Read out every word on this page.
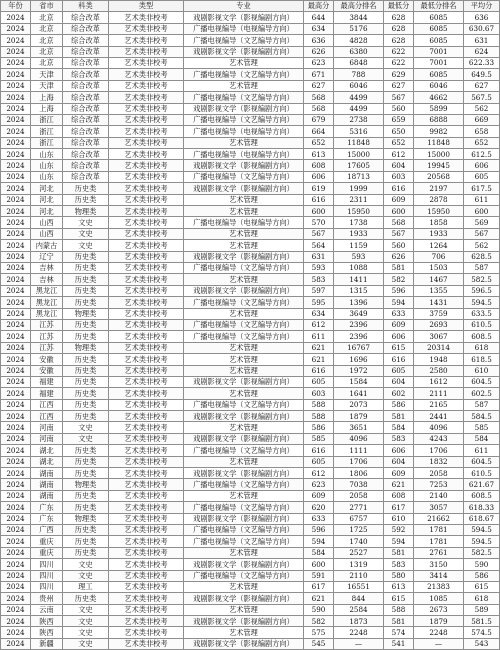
年份	省市	科类	类型	专业	最高分	最高分排名	最低分	最低分排名	平均分
2024	北京	综合改革	艺术类非校考	戏剧影视文学（影视编剧方向）	644	3844	628	6085	636
2024	北京	综合改革	艺术类非校考	广播电视编导（电视编导方向）	634	5176	628	6085	630.67
2024	北京	综合改革	艺术类非校考	广播电视编导（文艺编导方向）	636	4828	628	6085	631
2024	北京	综合改革	艺术类非校考	戏剧影视文学（影视编剧方向）	626	6380	622	7001	624
2024	北京	综合改革	艺术类非校考	艺术管理	623	6848	622	7001	622.33
2024	天津	综合改革	艺术类非校考	广播电视编导（文艺编导方向）	671	788	629	6085	649.5
2024	天津	综合改革	艺术类非校考	艺术管理	627	6046	627	6046	627
2024	上海	综合改革	艺术类非校考	广播电视编导（文艺编导方向）	568	4499	567	4662	567.5
2024	上海	综合改革	艺术类非校考	戏剧影视文学（影视编剧方向）	568	4499	560	5899	562
2024	浙江	综合改革	艺术类非校考	广播电视编导（文艺编导方向）	679	2738	659	6888	669
2024	浙江	综合改革	艺术类非校考	广播电视编导（电视编导方向）	664	5316	650	9982	658
2024	浙江	综合改革	艺术类非校考	艺术管理	652	11848	652	11848	652
2024	山东	综合改革	艺术类非校考	广播电视编导（电视编导方向）	613	15000	612	15000	612.5
2024	山东	综合改革	艺术类非校考	戏剧影视文学（影视编剧方向）	608	17605	604	19945	606
2024	山东	综合改革	艺术类非校考	广播电视编导（文艺编导方向）	606	18713	603	20568	605
2024	河北	历史类	艺术类非校考	戏剧影视文学（影视编剧方向）	619	1999	616	2197	617.5
2024	河北	历史类	艺术类非校考	艺术管理	616	2311	609	2878	611
2024	河北	物理类	艺术类非校考	艺术管理	600	15950	600	15950	600
2024	山西	文史	艺术类非校考	广播电视编导（电视编导方向）	570	1738	568	1858	569
2024	山西	文史	艺术类非校考	艺术管理	567	1933	567	1933	567
2024	内蒙古	文史	艺术类非校考	艺术管理	564	1159	560	1264	562
2024	辽宁	历史类	艺术类非校考	戏剧影视文学（影视编剧方向）	631	593	626	706	628.5
2024	吉林	历史类	艺术类非校考	广播电视编导（文艺编导方向）	593	1088	581	1503	587
2024	吉林	历史类	艺术类非校考	艺术管理	583	1411	582	1467	582.5
2024	黑龙江	历史类	艺术类非校考	戏剧影视文学（影视编剧方向）	597	1315	596	1355	596.5
2024	黑龙江	历史类	艺术类非校考	广播电视编导（文艺编导方向）	595	1396	594	1431	594.5
2024	黑龙江	物理类	艺术类非校考	艺术管理	634	3649	633	3759	633.5
2024	江苏	历史类	艺术类非校考	广播电视编导（文艺编导方向）	612	2396	609	2693	610.5
2024	江苏	历史类	艺术类非校考	广播电视编导（文艺编导方向）	611	2396	606	3067	608.5
2024	江苏	物理类	艺术类非校考	艺术管理	621	16767	615	20314	618
2024	安徽	历史类	艺术类非校考	艺术管理	621	1696	616	1948	618.5
2024	安徽	历史类	艺术类非校考	艺术管理	616	1972	605	2580	610
2024	福建	历史类	艺术类非校考	戏剧影视文学（影视编剧方向）	605	1584	604	1612	604.5
2024	福建	历史类	艺术类非校考	艺术管理	603	1641	602	2111	602.5
2024	江西	历史类	艺术类非校考	广播电视编导（文艺编导方向）	588	2073	586	2165	587
2024	江西	历史类	艺术类非校考	戏剧影视文学（影视编剧方向）	588	1879	581	2441	584.5
2024	河南	文史	艺术类非校考	艺术管理	586	3651	584	4096	585
2024	河南	文史	艺术类非校考	戏剧影视文学（影视编剧方向）	585	4096	583	4243	584
2024	湖北	历史类	艺术类非校考	广播电视编导（文艺编导方向）	616	1111	606	1706	611
2024	湖北	历史类	艺术类非校考	艺术管理	605	1706	604	1832	604.5
2024	湖南	历史类	艺术类非校考	戏剧影视文学（影视编剧方向）	612	1806	609	2058	610.5
2024	湖南	物理类	艺术类非校考	广播电视编导（文艺编导方向）	623	7038	621	7253	621.67
2024	湖南	历史类	艺术类非校考	艺术管理	609	2058	608	2140	608.5
2024	广东	历史类	艺术类非校考	广播电视编导（文艺编导方向）	620	2771	617	3057	618.33
2024	广东	物理类	艺术类非校考	戏剧影视文学（影视编剧方向）	633	6757	610	21662	618.67
2024	广西	历史类	艺术类非校考	广播电视编导（文艺编导方向）	596	1725	592	1781	594.5
2024	重庆	历史类	艺术类非校考	广播电视编导（文艺编导方向）	594	1740	594	1781	594.5
2024	重庆	历史类	艺术类非校考	艺术管理	584	2527	581	2761	582.5
2024	四川	文史	艺术类非校考	戏剧影视文学（影视编剧方向）	600	1319	583	3150	590
2024	四川	文史	艺术类非校考	广播电视编导（文艺编导方向）	591	2110	580	3414	586
2024	四川	理工	艺术类非校考	艺术管理	617	16551	613	21383	615
2024	贵州	历史类	艺术类非校考	戏剧影视文学（影视编剧方向）	621	844	615	1085	618
2024	云南	文史	艺术类非校考	艺术管理	590	2584	588	2673	589
2024	陕西	文史	艺术类非校考	戏剧影视文学（影视编剧方向）	582	1873	581	1879	581.5
2024	陕西	文史	艺术类非校考	艺术管理	575	2248	574	2248	574.5
2024	新疆	文史	艺术类非校考	戏剧影视文学（影视编剧方向）	545	—	541	—	543
